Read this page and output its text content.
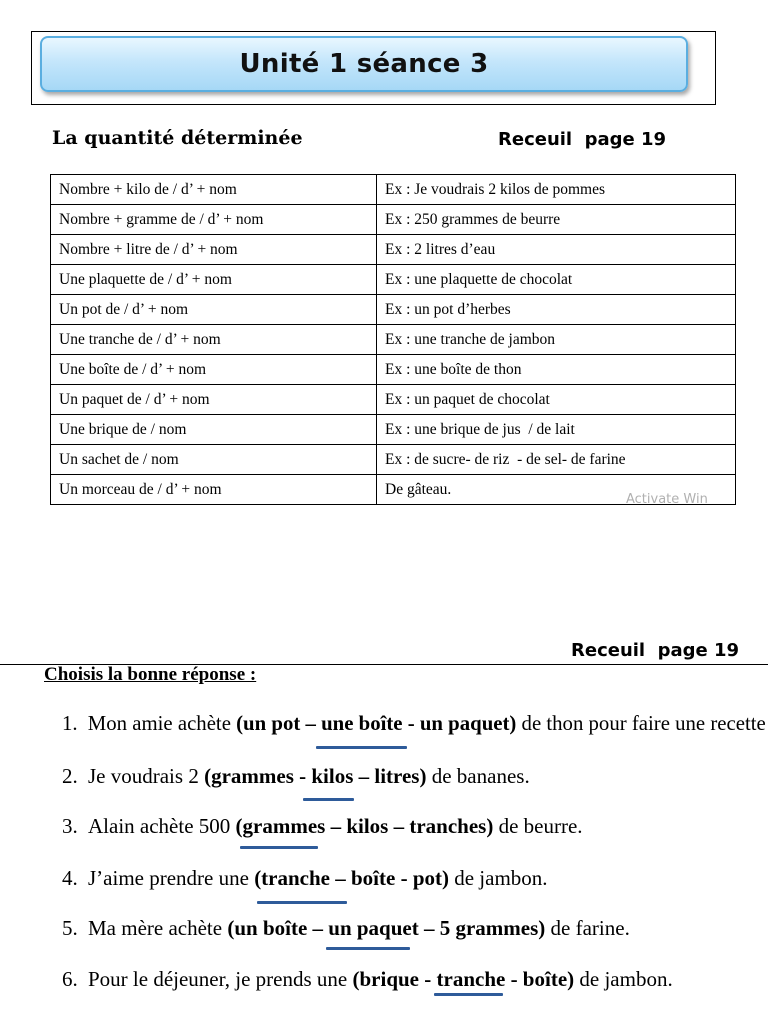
Unité 1 séance 3
La quantité déterminée	Receuil  page 19
Nombre + kilo de / d’ + nom	Ex : Je voudrais 2 kilos de pommes
Nombre + gramme de / d’ + nom	Ex : 250 grammes de beurre
Nombre + litre de / d’ + nom	Ex : 2 litres d’eau
Une plaquette de / d’ + nom	Ex : une plaquette de chocolat
Un pot de / d’ + nom	Ex : un pot d’herbes
Une tranche de / d’ + nom	Ex : une tranche de jambon
Une boîte de / d’ + nom	Ex : une boîte de thon
Un paquet de / d’ + nom	Ex : un paquet de chocolat
Une brique de / nom	Ex : une brique de jus  / de lait
Un sachet de / nom	Ex : de sucre- de riz  - de sel- de farine
Un morceau de / d’ + nom	De gâteau.
Activate Win
Receuil  page 19
Choisis la bonne réponse :
1. Mon amie achète (un pot – une boîte - un paquet) de thon pour faire une recette
2. Je voudrais 2 (grammes - kilos – litres) de bananes.
3. Alain achète 500 (grammes – kilos – tranches) de beurre.
4. J’aime prendre une (tranche – boîte - pot) de jambon.
5. Ma mère achète (un boîte – un paquet – 5 grammes) de farine.
6. Pour le déjeuner, je prends une (brique - tranche - boîte) de jambon.
